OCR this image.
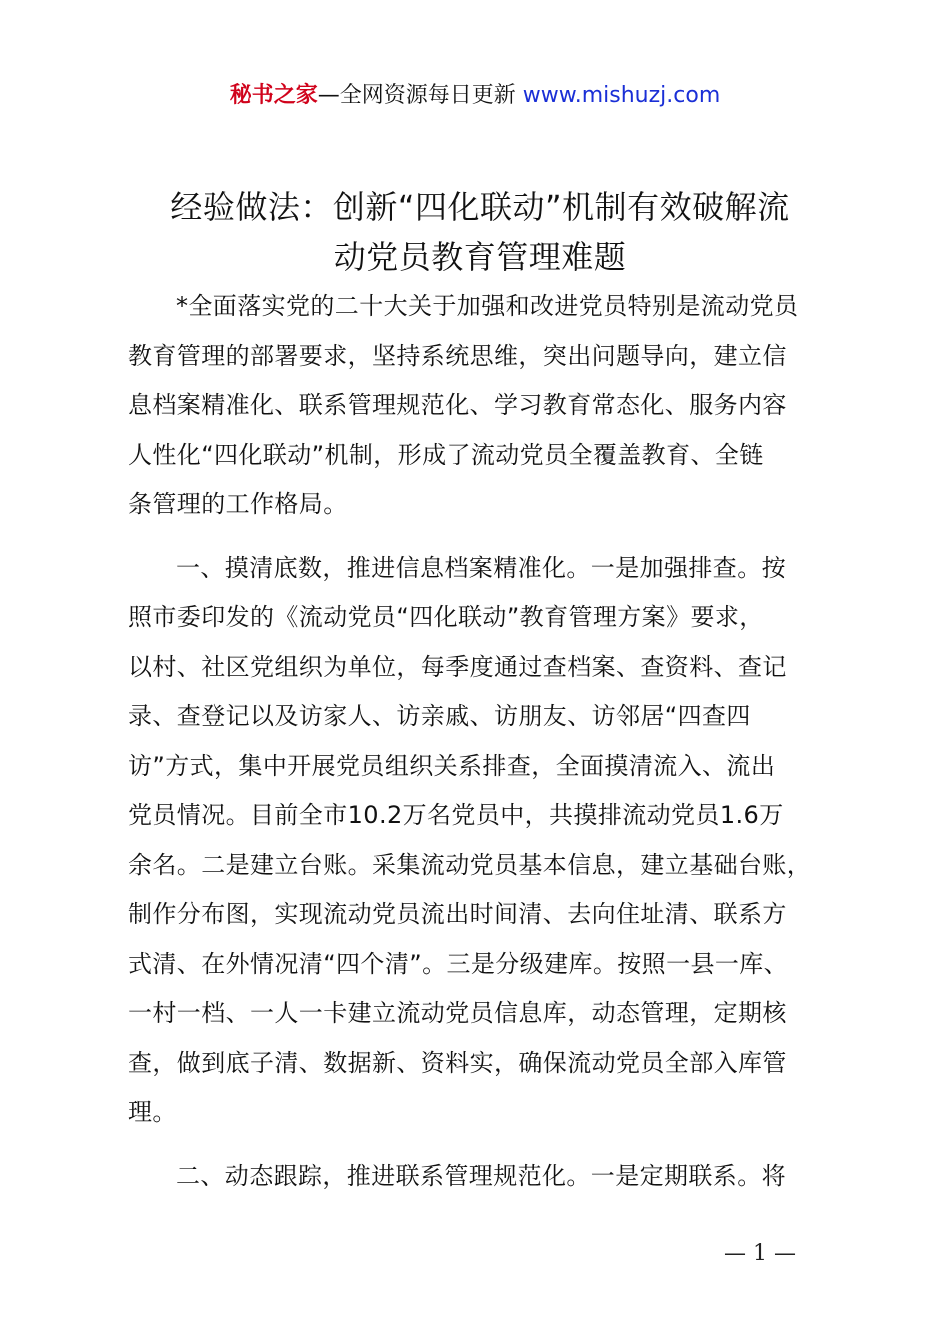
秘书之家—全网资源每日更新 www.mishuzj.com
经验做法：创新“四化联动”机制有效破解流
动党员教育管理难题
*全面落实党的二十大关于加强和改进党员特别是流动党员
教育管理的部署要求，坚持系统思维，突出问题导向，建立信
息档案精准化、联系管理规范化、学习教育常态化、服务内容
人性化“四化联动”机制，形成了流动党员全覆盖教育、全链
条管理的工作格局。
一、摸清底数，推进信息档案精准化。一是加强排查。按
照市委印发的《流动党员“四化联动”教育管理方案》要求，
以村、社区党组织为单位，每季度通过查档案、查资料、查记
录、查登记以及访家人、访亲戚、访朋友、访邻居“四查四
访”方式，集中开展党员组织关系排查，全面摸清流入、流出
党员情况。目前全市10.2万名党员中，共摸排流动党员1.6万
余名。二是建立台账。采集流动党员基本信息，建立基础台账，
制作分布图，实现流动党员流出时间清、去向住址清、联系方
式清、在外情况清“四个清”。三是分级建库。按照一县一库、
一村一档、一人一卡建立流动党员信息库，动态管理，定期核
查，做到底子清、数据新、资料实，确保流动党员全部入库管
理。
二、动态跟踪，推进联系管理规范化。一是定期联系。将
— 1 —
